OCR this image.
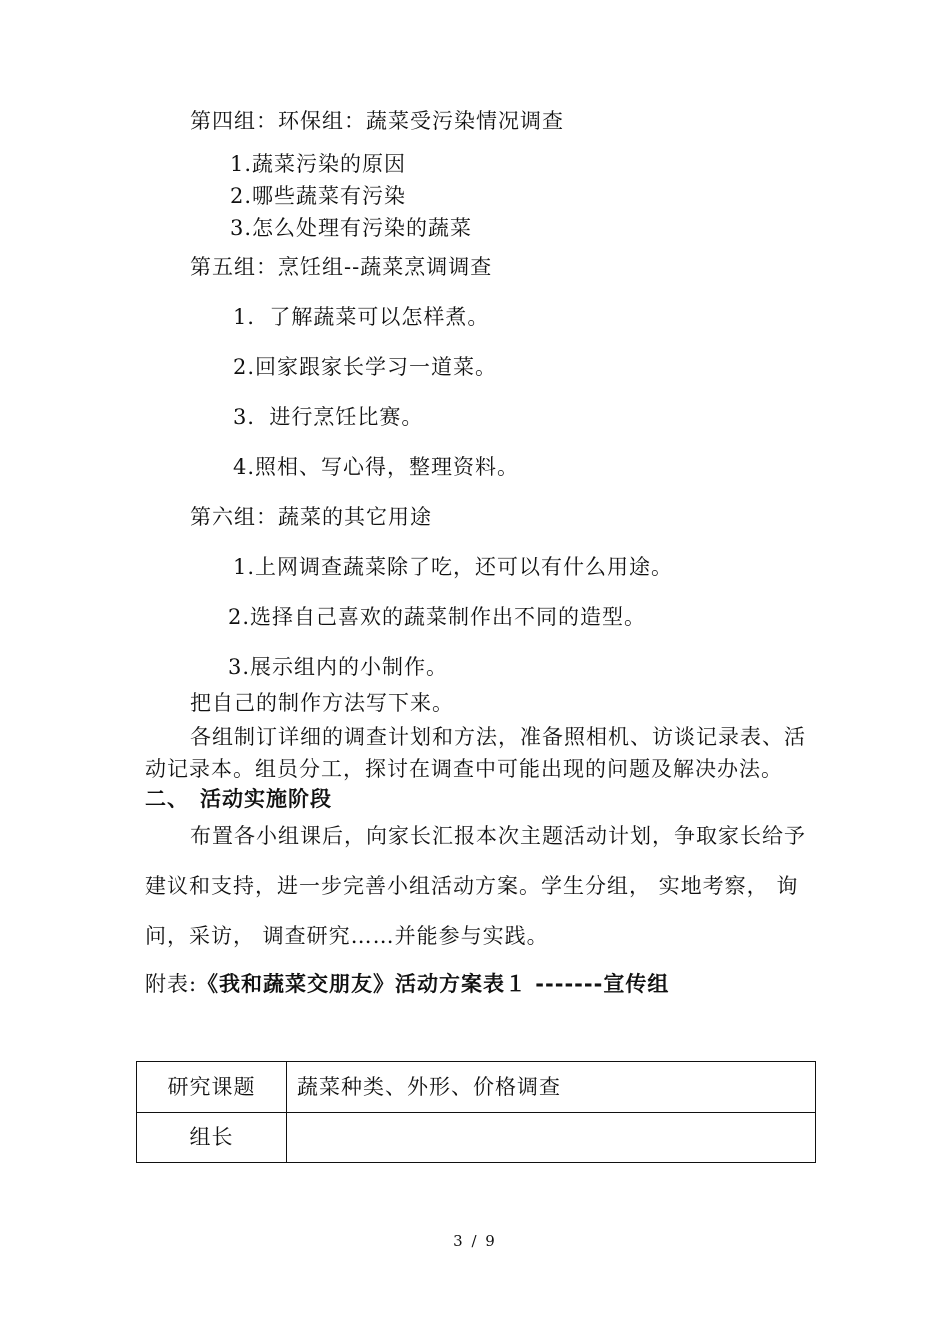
第四组：环保组：蔬菜受污染情况调查
1.蔬菜污染的原因
2.哪些蔬菜有污染
3.怎么处理有污染的蔬菜
第五组：烹饪组--蔬菜烹调调查
1．了解蔬菜可以怎样煮。
2.回家跟家长学习一道菜。
3．进行烹饪比赛。
4.照相、写心得，整理资料。
第六组：蔬菜的其它用途
1.上网调查蔬菜除了吃，还可以有什么用途。
2.选择自己喜欢的蔬菜制作出不同的造型。
3.展示组内的小制作。
把自己的制作方法写下来。
各组制订详细的调查计划和方法，准备照相机、访谈记录表、活
动记录本。组员分工，探讨在调查中可能出现的问题及解决办法。
二、 活动实施阶段
布置各小组课后，向家长汇报本次主题活动计划，争取家长给予
建议和支持，进一步完善小组活动方案。学生分组， 实地考察， 询
问，采访， 调查研究……并能参与实践。
附表: 《我和蔬菜交朋友》活动方案表１ -------宣传组
研究课题	蔬菜种类、外形、价格调查
组长
3 / 9
